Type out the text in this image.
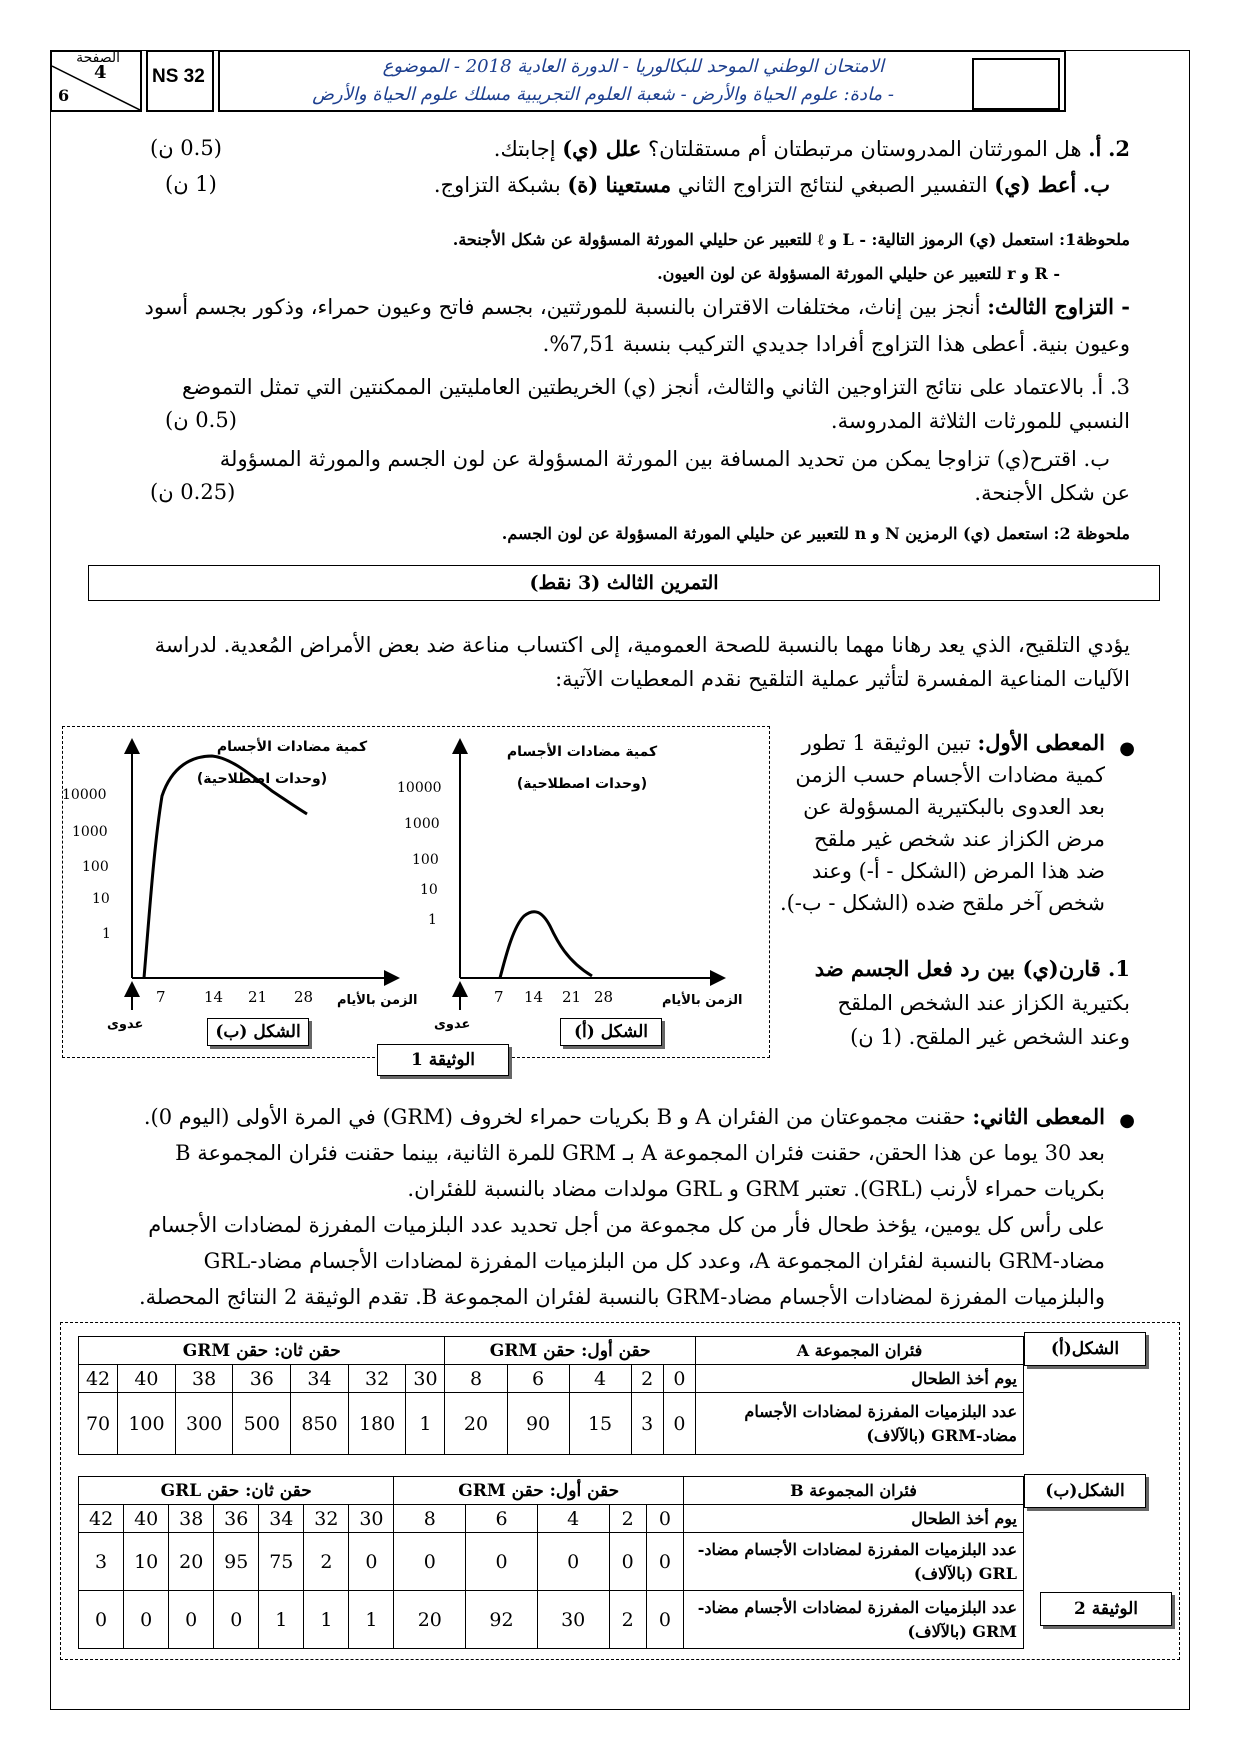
الصفحة
4
6
NS 32	الامتحان الوطني الموحد للبكالوريا - الدورة العادية 2018 - الموضوع
- مادة: علوم الحياة والأرض - شعبة العلوم التجريبية مسلك علوم الحياة والأرض
2. أ. هل المورثتان المدروستان مرتبطتان أم مستقلتان؟ علل (ي) إجابتك.
(0.5 ن)
ب. أعط (ي) التفسير الصبغي لنتائج التزاوج الثاني مستعينا (ة) بشبكة التزاوج.
(1 ن)
ملحوظة1: استعمل (ي) الرموز التالية: - L و ℓ للتعبير عن حليلي المورثة المسؤولة عن شكل الأجنحة.
- R و r للتعبير عن حليلي المورثة المسؤولة عن لون العيون.
- التزاوج الثالث: أنجز بين إناث، مختلفات الاقتران بالنسبة للمورثتين، بجسم فاتح وعيون حمراء، وذكور بجسم أسود
وعيون بنية. أعطى هذا التزاوج أفرادا جديدي التركيب بنسبة 7,51%.
3. أ. بالاعتماد على نتائج التزاوجين الثاني والثالث، أنجز (ي) الخريطتين العامليتين الممكنتين التي تمثل التموضع
النسبي للمورثات الثلاثة المدروسة.
(0.5 ن)
ب. اقترح(ي) تزاوجا يمكن من تحديد المسافة بين المورثة المسؤولة عن لون الجسم والمورثة المسؤولة
عن شكل الأجنحة.
(0.25 ن)
ملحوظة 2: استعمل (ي) الرمزين N و n للتعبير عن حليلي المورثة المسؤولة عن لون الجسم.
التمرين الثالث (3 نقط)
يؤدي التلقيح، الذي يعد رهانا مهما بالنسبة للصحة العمومية، إلى اكتساب مناعة ضد بعض الأمراض المُعدية. لدراسة
الآليات المناعية المفسرة لتأثير عملية التلقيح نقدم المعطيات الآتية:
●
المعطى الأول: تبين الوثيقة 1 تطور
كمية مضادات الأجسام حسب الزمن
بعد العدوى بالبكتيرية المسؤولة عن
مرض الكزاز عند شخص غير ملقح
ضد هذا المرض (الشكل - أ-) وعند
شخص آخر ملقح ضده (الشكل - ب-).
1. قارن(ي) بين رد فعل الجسم ضد
بكتيرية الكزاز عند الشخص الملقح
وعند الشخص غير الملقح. (1 ن)
كمية مضادات الأجسام
(وحدات اصطلاحية)
10000
1000
100
10
1
7	14 21 28 الزمن بالأيام
عدوى
كمية مضادات الأجسام
(وحدات اصطلاحية)
10000
1000
100
10
1
7 14 21 28	الزمن بالأيام
عدوى
الشكل (ب)	الشكل (أ)
الوثيقة 1
●
المعطى الثاني: حقنت مجموعتان من الفئران A و B بكريات حمراء لخروف (GRM) في المرة الأولى (اليوم 0).
بعد 30 يوما عن هذا الحقن، حقنت فئران المجموعة A بـ GRM للمرة الثانية، بينما حقنت فئران المجموعة B
بكريات حمراء لأرنب (GRL). تعتبر GRM و GRL مولدات مضاد بالنسبة للفئران.
على رأس كل يومين، يؤخذ طحال فأر من كل مجموعة من أجل تحديد عدد البلزميات المفرزة لمضادات الأجسام
مضاد-GRM بالنسبة لفئران المجموعة A، وعدد كل من البلزميات المفرزة لمضادات الأجسام مضاد-GRL
والبلزميات المفرزة لمضادات الأجسام مضاد-GRM بالنسبة لفئران المجموعة B. تقدم الوثيقة 2 النتائج المحصلة.
الشكل(أ)
الشكل(ب)
الوثيقة 2
فئران المجموعة A	حقن أول: حقن GRM					حقن ثان: حقن GRM						
يوم أخذ الطحال	0	2	4	6	8	30	32	34	36	38	40	42
عدد البلزميات المفرزة لمضادات الأجسام مضاد-GRM (بالآلاف)	0	3	15	90	20	1	180	850	500	300	100	70
فئران المجموعة B	حقن أول: حقن GRM					حقن ثان: حقن GRL						
يوم أخذ الطحال	0	2	4	6	8	30	32	34	36	38	40	42
عدد البلزميات المفرزة لمضادات الأجسام مضاد-GRL (بالآلاف)	0	0	0	0	0	0	2	75	95	20	10	3
عدد البلزميات المفرزة لمضادات الأجسام مضاد-GRM (بالآلاف)	0	2	30	92	20	1	1	1	0	0	0	0
